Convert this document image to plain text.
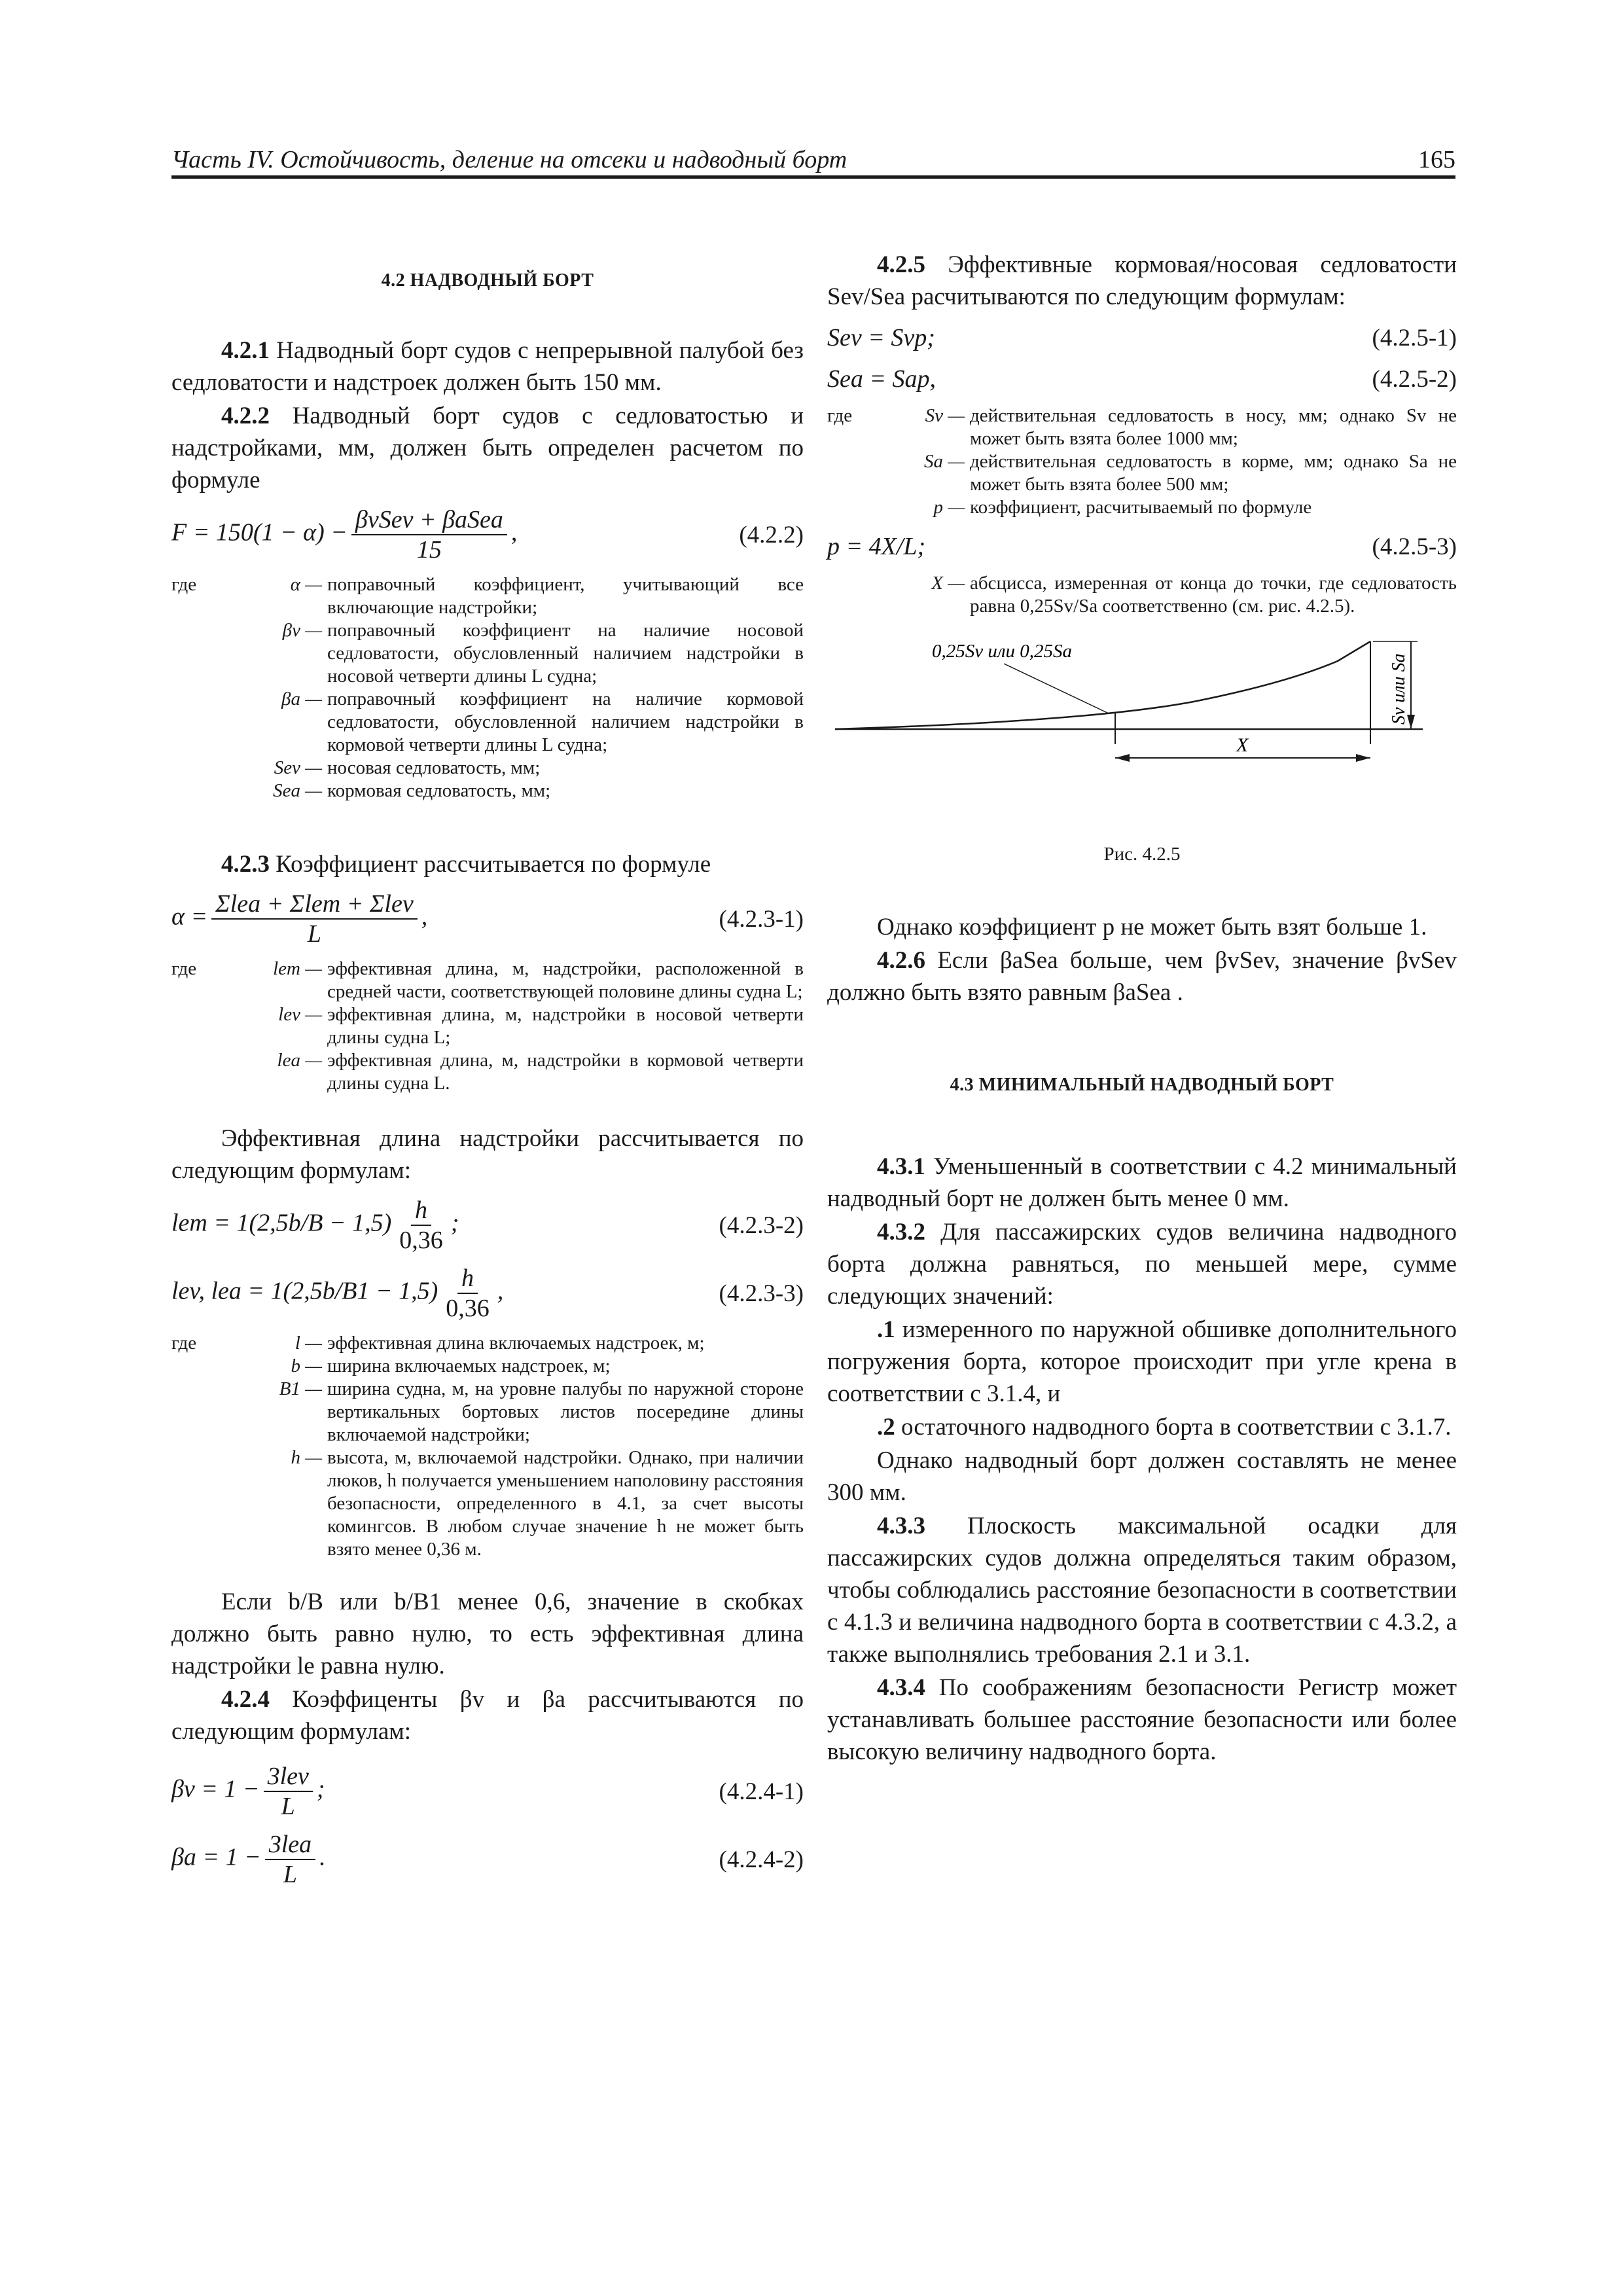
Часть IV. Остойчивость, деление на отсеки и надводный борт	165
4.2 НАДВОДНЫЙ БОРТ
4.2.1 Надводный борт судов с непрерывной палубой без седловатости и надстроек должен быть 150 мм.
4.2.2 Надводный борт судов с седловатостью и надстройками, мм, должен быть определен расчетом по формуле
$F = 150(1 - \alpha) - \frac{\text{βvSev + βaSea}}{15}$ ,	(4.2.2)
где	α — поправочный коэффициент, учитывающий все включающие надстройки;
βv — поправочный коэффициент на наличие носовой седловатости, обусловленный наличием надстройки в носовой четверти длины L судна;
βa — поправочный коэффициент на наличие кормовой седловатости, обусловленной наличием надстройки в кормовой четверти длины L судна;
Sev — носовая седловатость, мм;
Sea — кормовая седловатость, мм;
4.2.3 Коэффициент рассчитывается по формуле
$\alpha = \frac{\text{Σlea + Σlem + Σlev}}{L}$ ,	(4.2.3-1)
где	lem — эффективная длина, м, надстройки, расположенной в средней части, соответствующей половине длины судна L;
lev — эффективная длина, м, надстройки в носовой четверти длины судна L;
lea — эффективная длина, м, надстройки в кормовой четверти длины судна L.
Эффективная длина надстройки рассчитывается по следующим формулам:
lem = $1(2,5b/B - 1,5) \frac{h}{0,36}$ ;	(4.2.3-2)
lev, lea = $1(2,5b/B1 - 1,5) \frac{h}{0,36}$ ,	(4.2.3-3)
где	l — эффективная длина включаемых надстроек, м;
b — ширина включаемых надстроек, м;
B1 — ширина судна, м, на уровне палубы по наружной стороне вертикальных бортовых листов посередине длины включаемой надстройки;
h — высота, м, включаемой надстройки. Однако, при наличии люков, h получается уменьшением наполовину расстояния безопасности, определенного в 4.1, за счет высоты комингсов. В любом случае значение h не может быть взято менее 0,36 м.
Если b/B или b/B1 менее 0,6, значение в скобках должно быть равно нулю, то есть эффективная длина надстройки le равна нулю.
4.2.4 Коэффиценты βv и βa рассчитываются по следующим формулам:
$\beta v = 1 - \frac{\text{3lev}}{L}$ ;	(4.2.4-1)
$\beta a = 1 - \frac{\text{3lea}}{L}$ .	(4.2.4-2)
4.2.5 Эффективные кормовая/носовая седловатости Sev/Sea расчитываются по следующим формулам:
Sev = Svp;	(4.2.5-1)
Sea = Sap,	(4.2.5-2)
где	Sv — действительная седловатость в носу, мм; однако Sv не может быть взята более 1000 мм;
Sa — действительная седловатость в корме, мм; однако Sa не может быть взята более 500 мм;
p — коэффициент, расчитываемый по формуле
p = 4X/L;	(4.2.5-3)
X — абсцисса, измеренная от конца до точки, где седловатость равна 0,25Sv/Sa соответственно (см. рис. 4.2.5).
0,25Sv или 0,25Sa
X
Sv или Sa
Рис. 4.2.5
Однако коэффициент p не может быть взят больше 1.
4.2.6 Если βaSea больше, чем βvSev, значение βvSev должно быть взято равным βaSea .
4.3 МИНИМАЛЬНЫЙ НАДВОДНЫЙ БОРТ
4.3.1 Уменьшенный в соответствии с 4.2 минимальный надводный борт не должен быть менее 0 мм.
4.3.2 Для пассажирских судов величина надводного борта должна равняться, по меньшей мере, сумме следующих значений:
.1 измеренного по наружной обшивке дополнительного погружения борта, которое происходит при угле крена в соответствии с 3.1.4, и
.2 остаточного надводного борта в соответствии с 3.1.7.
Однако надводный борт должен составлять не менее 300 мм.
4.3.3 Плоскость максимальной осадки для пассажирских судов должна определяться таким образом, чтобы соблюдались расстояние безопасности в соответствии с 4.1.3 и величина надводного борта в соответствии с 4.3.2, а также выполнялись требования 2.1 и 3.1.
4.3.4 По соображениям безопасности Регистр может устанавливать большее расстояние безопасности или более высокую величину надводного борта.
